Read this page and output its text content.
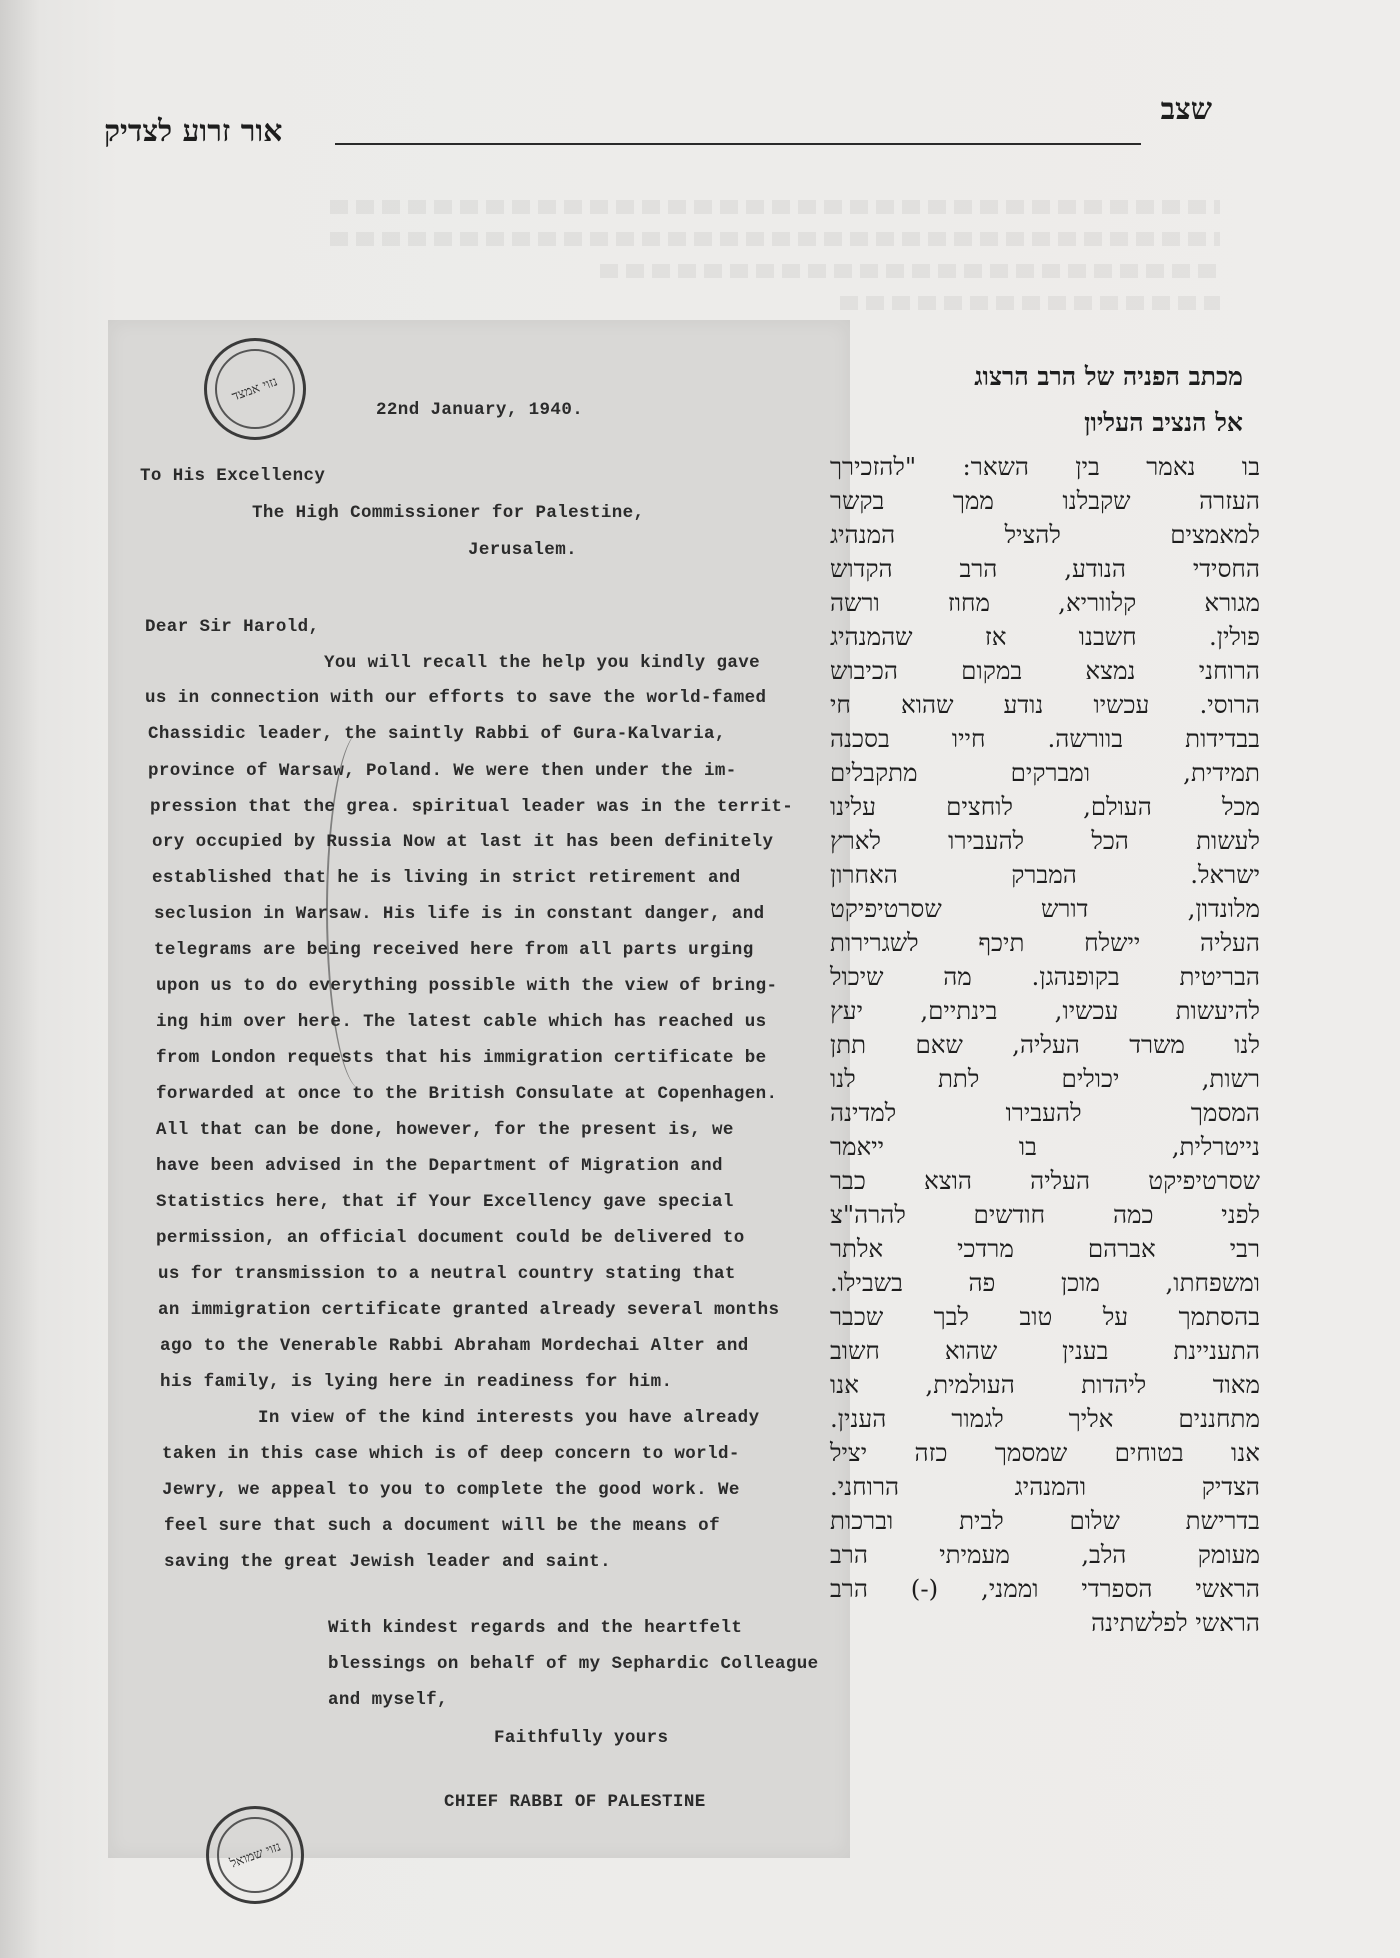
שצב
אור זרוע לצדיק
נזוי אמצד
נזוי שמואל
22nd January, 1940.
To His Excellency
The High Commissioner for Palestine,
Jerusalem.
Dear Sir Harold,
You will recall the help you kindly gave
us in connection with our efforts to save the world-famed
Chassidic leader, the saintly Rabbi of Gura-Kalvaria,
province of Warsaw, Poland. We were then under the im-
pression that the grea. spiritual leader was in the territ-
ory occupied by Russia Now at last it has been definitely
established that he is living in strict retirement and
seclusion in Warsaw. His life is in constant danger, and
telegrams are being received here from all parts urging
upon us to do everything possible with the view of bring-
ing him over here. The latest cable which has reached us
from London requests that his immigration certificate be
forwarded at once to the British Consulate at Copenhagen.
All that can be done, however, for the present is, we
have been advised in the Department of Migration and
Statistics here, that if Your Excellency gave special
permission, an official document could be delivered to
us for transmission to a neutral country stating that
an immigration certificate granted already several months
ago to the Venerable Rabbi Abraham Mordechai Alter and
his family, is lying here in readiness for him.
In view of the kind interests you have already
taken in this case which is of deep concern to world-
Jewry, we appeal to you to complete the good work. We
feel sure that such a document will be the means of
saving the great Jewish leader and saint.
With kindest regards and the heartfelt
blessings on behalf of my Sephardic Colleague
and myself,
Faithfully yours
CHIEF RABBI OF PALESTINE
מכתב הפניה של הרב הרצוג
אל הנציב העליון
בו נאמר בין השאר: "להזכירך
העזרה שקבלנו ממך בקשר
למאמצים להציל המנהיג
החסידי הנודע, הרב הקדוש
מגורא קלווריא, מחוז ורשה
פולין. חשבנו אז שהמנהיג
הרוחני נמצא במקום הכיבוש
הרוסי. עכשיו נודע שהוא חי
בבדידות בוורשה. חייו בסכנה
תמידית, ומברקים מתקבלים
מכל העולם, לוחצים עלינו
לעשות הכל להעבירו לארץ
ישראל. המברק האחרון
מלונדון, דורש שסרטיפיקט
העליה יישלח תיכף לשגרירות
הבריטית בקופנהגן. מה שיכול
להיעשות עכשיו, בינתיים, יעץ
לנו משרד העליה, שאם תתן
רשות, יכולים לתת לנו
המסמך להעבירו למדינה
נייטרלית, בו ייאמר
שסרטיפיקט העליה הוצא כבר
לפני כמה חודשים להרה"צ
רבי אברהם מרדכי אלתר
ומשפחתו, מוכן פה בשבילו.
בהסתמך על טוב לבך שכבר
התעניינת בענין שהוא חשוב
מאוד ליהדות העולמית, אנו
מתחננים אליך לגמור הענין.
אנו בטוחים שמסמך כזה יציל
הצדיק והמנהיג הרוחני.
בדרישת שלום לבית וברכות
מעומק הלב, מעמיתי הרב
הראשי הספרדי וממני, (-) הרב
הראשי לפלשתינה
